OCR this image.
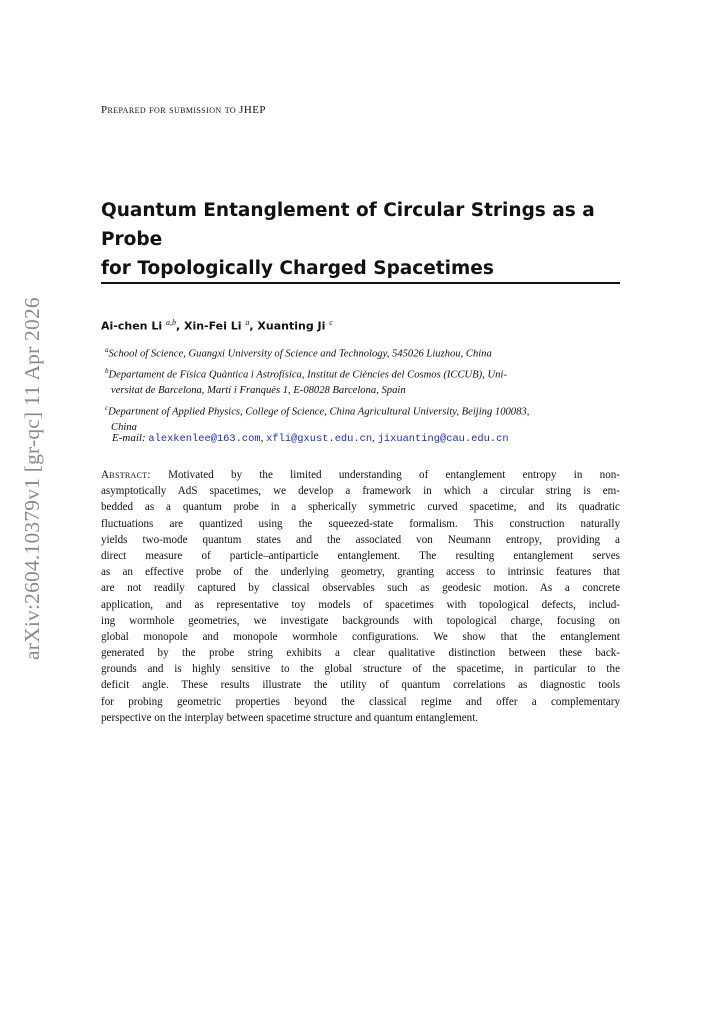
arXiv:2604.10379v1 [gr-qc] 11 Apr 2026
Prepared for submission to JHEP
Quantum Entanglement of Circular Strings as a Probe
for Topologically Charged Spacetimes
Ai-chen Li $^{a,b}$, Xin-Fei Li $^a$, Xuanting Ji $^c$
$^a$School of Science, Guangxi University of Science and Technology, 545026 Liuzhou, China
$^b$Departament de Física Quàntica i Astrofísica, Institut de Ciències del Cosmos (ICCUB), Uni-
versitat de Barcelona, Martí i Franquès 1, E-08028 Barcelona, Spain
$^c$Department of Applied Physics, College of Science, China Agricultural University, Beijing 100083,
China
E-mail: alexkenlee@163.com, xfli@gxust.edu.cn, jixuanting@cau.edu.cn
Abstract: Motivated by the limited understanding of entanglement entropy in non-
asymptotically AdS spacetimes, we develop a framework in which a circular string is em-
bedded as a quantum probe in a spherically symmetric curved spacetime, and its quadratic
fluctuations are quantized using the squeezed-state formalism. This construction naturally
yields two-mode quantum states and the associated von Neumann entropy, providing a
direct measure of particle–antiparticle entanglement. The resulting entanglement serves
as an effective probe of the underlying geometry, granting access to intrinsic features that
are not readily captured by classical observables such as geodesic motion. As a concrete
application, and as representative toy models of spacetimes with topological defects, includ-
ing wormhole geometries, we investigate backgrounds with topological charge, focusing on
global monopole and monopole wormhole configurations. We show that the entanglement
generated by the probe string exhibits a clear qualitative distinction between these back-
grounds and is highly sensitive to the global structure of the spacetime, in particular to the
deficit angle. These results illustrate the utility of quantum correlations as diagnostic tools
for probing geometric properties beyond the classical regime and offer a complementary
perspective on the interplay between spacetime structure and quantum entanglement.
